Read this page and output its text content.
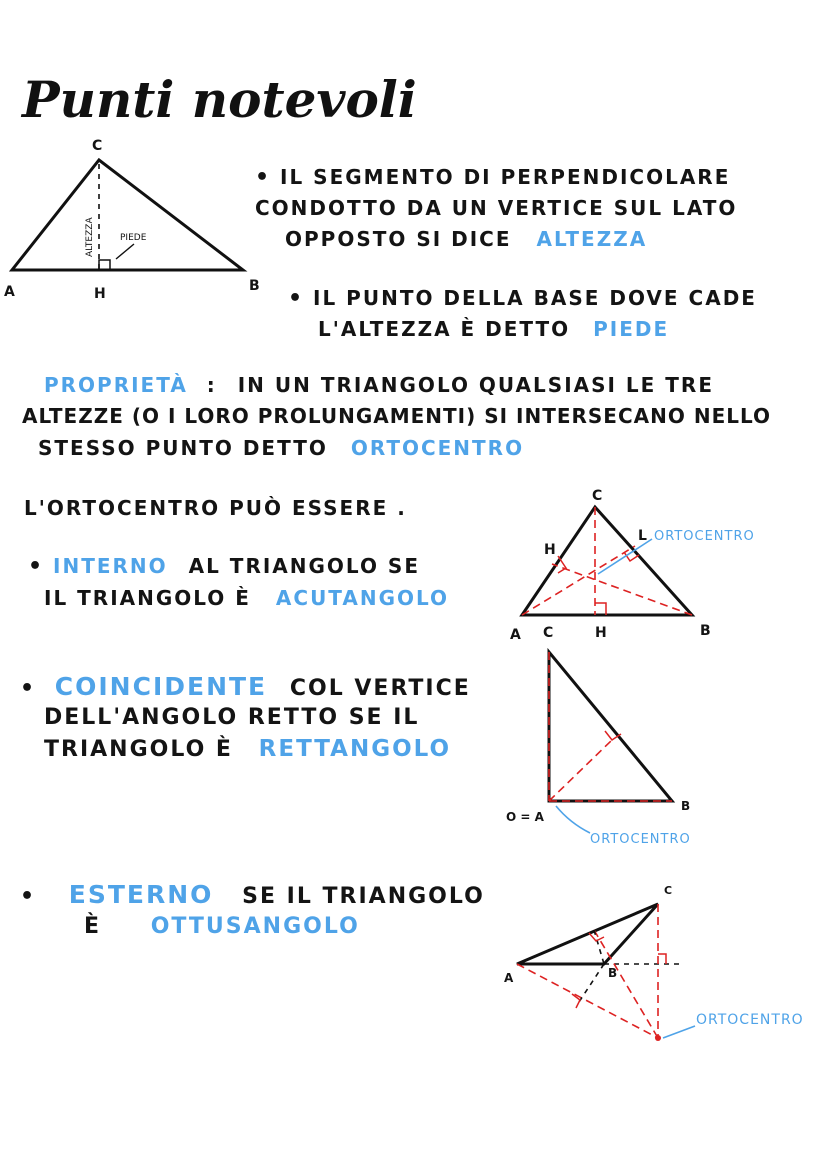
Punti notevoli
C
A	B
H
PIEDE
ALTEZZA
• IL SEGMENTO DI PERPENDICOLARE
CONDOTTO DA UN VERTICE SUL LATO
OPPOSTO SI DICE ALTEZZA
• IL PUNTO DELLA BASE DOVE CADE
L'ALTEZZA È DETTO PIEDE
PROPRIETÀ : IN UN TRIANGOLO QUALSIASI LE TRE
ALTEZZE (O I LORO PROLUNGAMENTI) SI INTERSECANO NELLO
STESSO PUNTO DETTO ORTOCENTRO
L'ORTOCENTRO PUÒ ESSERE .
• INTERNO AL TRIANGOLO SE
IL TRIANGOLO È ACUTANGOLO
C
H
L ORTOCENTRO
A C	H	B
• COINCIDENTE COL VERTICE
DELL'ANGOLO RETTO SE IL
TRIANGOLO È RETTANGOLO
O = A
B
ORTOCENTRO
• ESTERNO SE IL TRIANGOLO
È OTTUSANGOLO
C
A	B
ORTOCENTRO
